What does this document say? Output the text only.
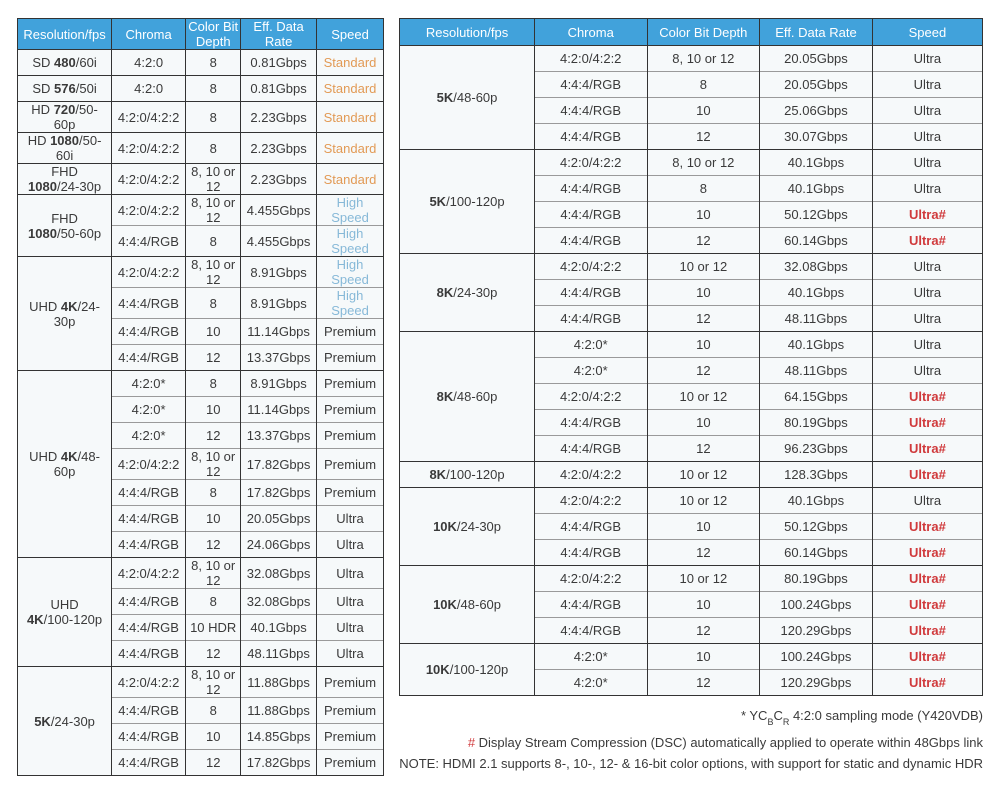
Resolution/fps	Chroma	Color Bit Depth	Eff. Data Rate	Speed
SD 480/60i	4:2:0	8	0.81Gbps	Standard
SD 576/50i	4:2:0	8	0.81Gbps	Standard
HD 720/50-60p	4:2:0/4:2:2	8	2.23Gbps	Standard
HD 1080/50-60i	4:2:0/4:2:2	8	2.23Gbps	Standard
FHD 1080/24-30p	4:2:0/4:2:2	8, 10 or 12	2.23Gbps	Standard
FHD 1080/50-60p	4:2:0/4:2:2	8, 10 or 12	4.455Gbps	High Speed
	4:4:4/RGB	8	4.455Gbps	High Speed
UHD 4K/24-30p	4:2:0/4:2:2	8, 10 or 12	8.91Gbps	High Speed
	4:4:4/RGB	8	8.91Gbps	High Speed
	4:4:4/RGB	10	11.14Gbps	Premium
	4:4:4/RGB	12	13.37Gbps	Premium
UHD 4K/48-60p	4:2:0*	8	8.91Gbps	Premium
	4:2:0*	10	11.14Gbps	Premium
	4:2:0*	12	13.37Gbps	Premium
	4:2:0/4:2:2	8, 10 or 12	17.82Gbps	Premium
	4:4:4/RGB	8	17.82Gbps	Premium
	4:4:4/RGB	10	20.05Gbps	Ultra
	4:4:4/RGB	12	24.06Gbps	Ultra
UHD 4K/100-120p	4:2:0/4:2:2	8, 10 or 12	32.08Gbps	Ultra
	4:4:4/RGB	8	32.08Gbps	Ultra
	4:4:4/RGB	10 HDR	40.1Gbps	Ultra
	4:4:4/RGB	12	48.11Gbps	Ultra
5K/24-30p	4:2:0/4:2:2	8, 10 or 12	11.88Gbps	Premium
	4:4:4/RGB	8	11.88Gbps	Premium
	4:4:4/RGB	10	14.85Gbps	Premium
	4:4:4/RGB	12	17.82Gbps	Premium
Resolution/fps	Chroma	Color Bit Depth	Eff. Data Rate	Speed
5K/48-60p	4:2:0/4:2:2	8, 10 or 12	20.05Gbps	Ultra
	4:4:4/RGB	8	20.05Gbps	Ultra
	4:4:4/RGB	10	25.06Gbps	Ultra
	4:4:4/RGB	12	30.07Gbps	Ultra
5K/100-120p	4:2:0/4:2:2	8, 10 or 12	40.1Gbps	Ultra
	4:4:4/RGB	8	40.1Gbps	Ultra
	4:4:4/RGB	10	50.12Gbps	Ultra#
	4:4:4/RGB	12	60.14Gbps	Ultra#
8K/24-30p	4:2:0/4:2:2	10 or 12	32.08Gbps	Ultra
	4:4:4/RGB	10	40.1Gbps	Ultra
	4:4:4/RGB	12	48.11Gbps	Ultra
8K/48-60p	4:2:0*	10	40.1Gbps	Ultra
	4:2:0*	12	48.11Gbps	Ultra
	4:2:0/4:2:2	10 or 12	64.15Gbps	Ultra#
	4:4:4/RGB	10	80.19Gbps	Ultra#
	4:4:4/RGB	12	96.23Gbps	Ultra#
8K/100-120p	4:2:0/4:2:2	10 or 12	128.3Gbps	Ultra#
10K/24-30p	4:2:0/4:2:2	10 or 12	40.1Gbps	Ultra
	4:4:4/RGB	10	50.12Gbps	Ultra#
	4:4:4/RGB	12	60.14Gbps	Ultra#
10K/48-60p	4:2:0/4:2:2	10 or 12	80.19Gbps	Ultra#
	4:4:4/RGB	10	100.24Gbps	Ultra#
	4:4:4/RGB	12	120.29Gbps	Ultra#
10K/100-120p	4:2:0*	10	100.24Gbps	Ultra#
	4:2:0*	12	120.29Gbps	Ultra#
* $YC_BC_R$ 4:2:0 sampling mode (Y420VDB)
# Display Stream Compression (DSC) automatically applied to operate within 48Gbps link
NOTE: HDMI 2.1 supports 8-, 10-, 12- & 16-bit color options, with support for static and dynamic HDR
